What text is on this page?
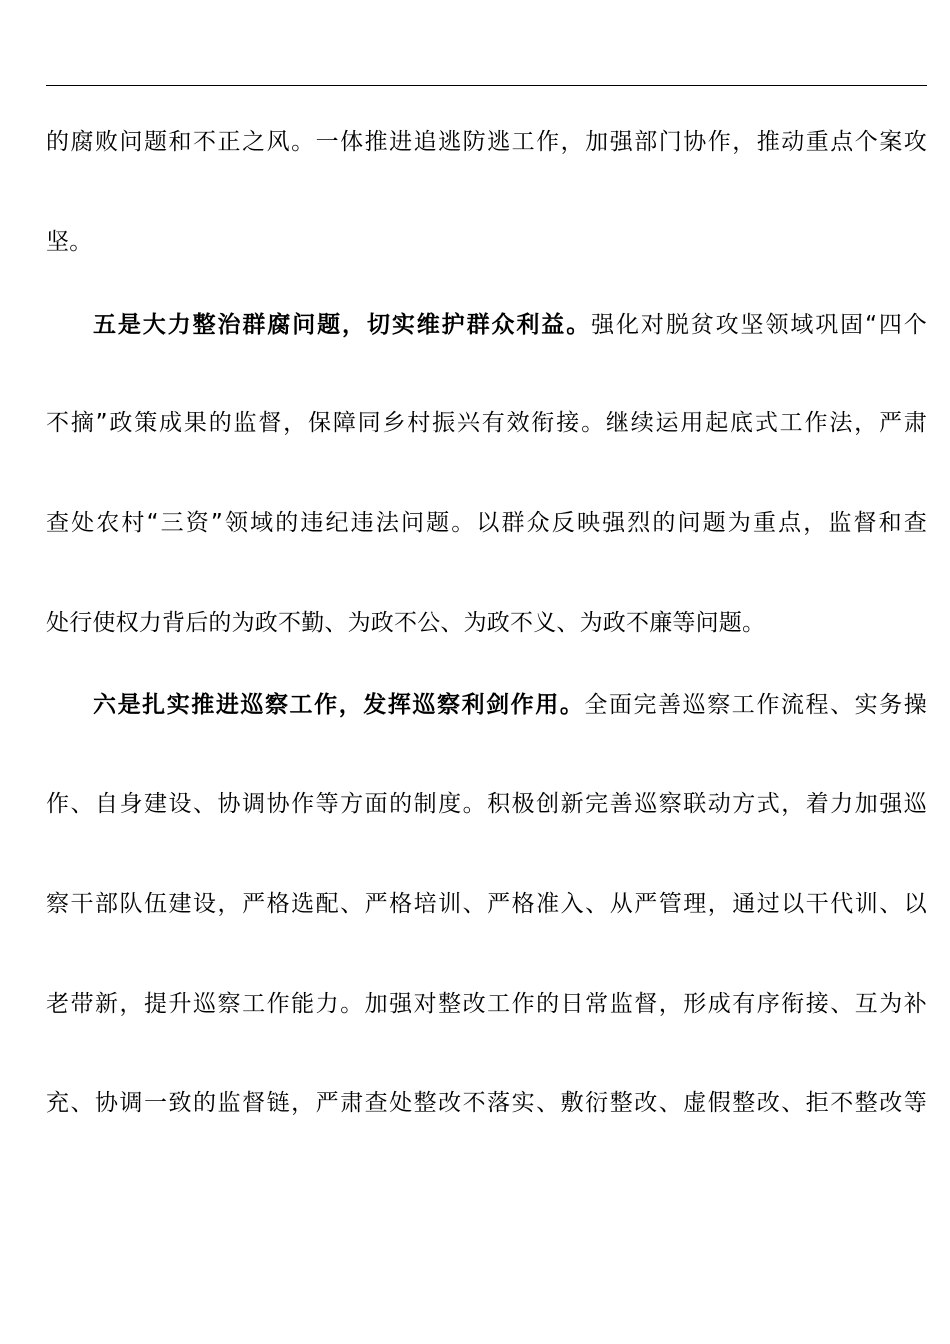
的腐败问题和不正之风。一体推进追逃防逃工作，加强部门协作，推动重点个案攻
坚。
五是大力整治群腐问题，切实维护群众利益。强化对脱贫攻坚领域巩固“四个
不摘”政策成果的监督，保障同乡村振兴有效衔接。继续运用起底式工作法，严肃
查处农村“三资”领域的违纪违法问题。以群众反映强烈的问题为重点，监督和查
处行使权力背后的为政不勤、为政不公、为政不义、为政不廉等问题。
六是扎实推进巡察工作，发挥巡察利剑作用。全面完善巡察工作流程、实务操
作、自身建设、协调协作等方面的制度。积极创新完善巡察联动方式，着力加强巡
察干部队伍建设，严格选配、严格培训、严格准入、从严管理，通过以干代训、以
老带新，提升巡察工作能力。加强对整改工作的日常监督，形成有序衔接、互为补
充、协调一致的监督链，严肃查处整改不落实、敷衍整改、虚假整改、拒不整改等
